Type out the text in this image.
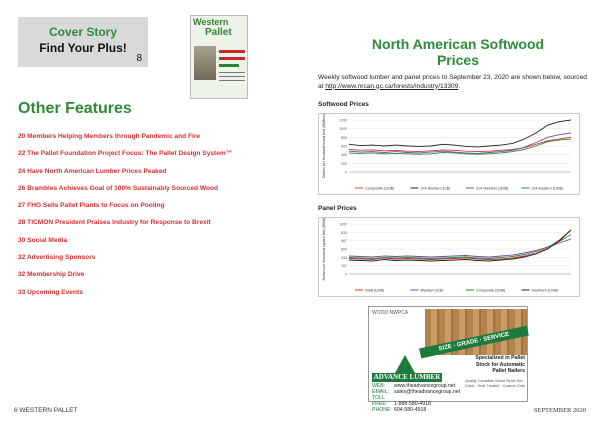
Cover Story
Find Your Plus!
8
Western
Pallet
Other Features
20 Members Helping Members through Pandemic and Fire
22 The Pallet Foundation Project Focus: The Pallet Design System™
24 Have North American Lumber Prices Peaked
26 Brambles Achieves Goal of 100% Sustainably Sourced Wood
27 FHG Sells Pallet Plants to Focus on Pooling
28 TICMON President Praises Industry for Response to Brexit
30 Social Media
32 Advertising Sponsors
32 Membership Drive
33 Upcoming Events
6 WESTERN PALLET	SEPTEMBER 2020
North American Softwood
Prices
Weekly softwood lumber and panel prices to September 23, 2020 are shown below, sourced at http://www.nrcan.gc.ca/forests/industry/13309.
Softwood Prices
0
200
400
600
800
1000
1200
Dollars per thousand board feet ($/Mfbm)
Composite (US$)	2x4 Western (C$)	2x4 Western (US$)	2x4 Eastern (US$)
Panel Prices
0
167
333
500
667
833
1000
Dollars per thousand square feet ($/Msf)
OSB (US$)	Western (C$)	Composite (US$)	Southern (US$)
WOOD NWPCA
SIZE · GRADE · SERVICE
ADVANCE LUMBER
WEB: www.theadvancegroup.net
EMAIL: sales@theadvancegroup.net
TOLL FREE: 1-888-580-4918
PHONE: 604-580-4918
Specialized in Pallet Stock for Automatic Pallet Nailers
Quality Canadian Wood Since Kiln Dried · Heat Treated · Custom Cuts
